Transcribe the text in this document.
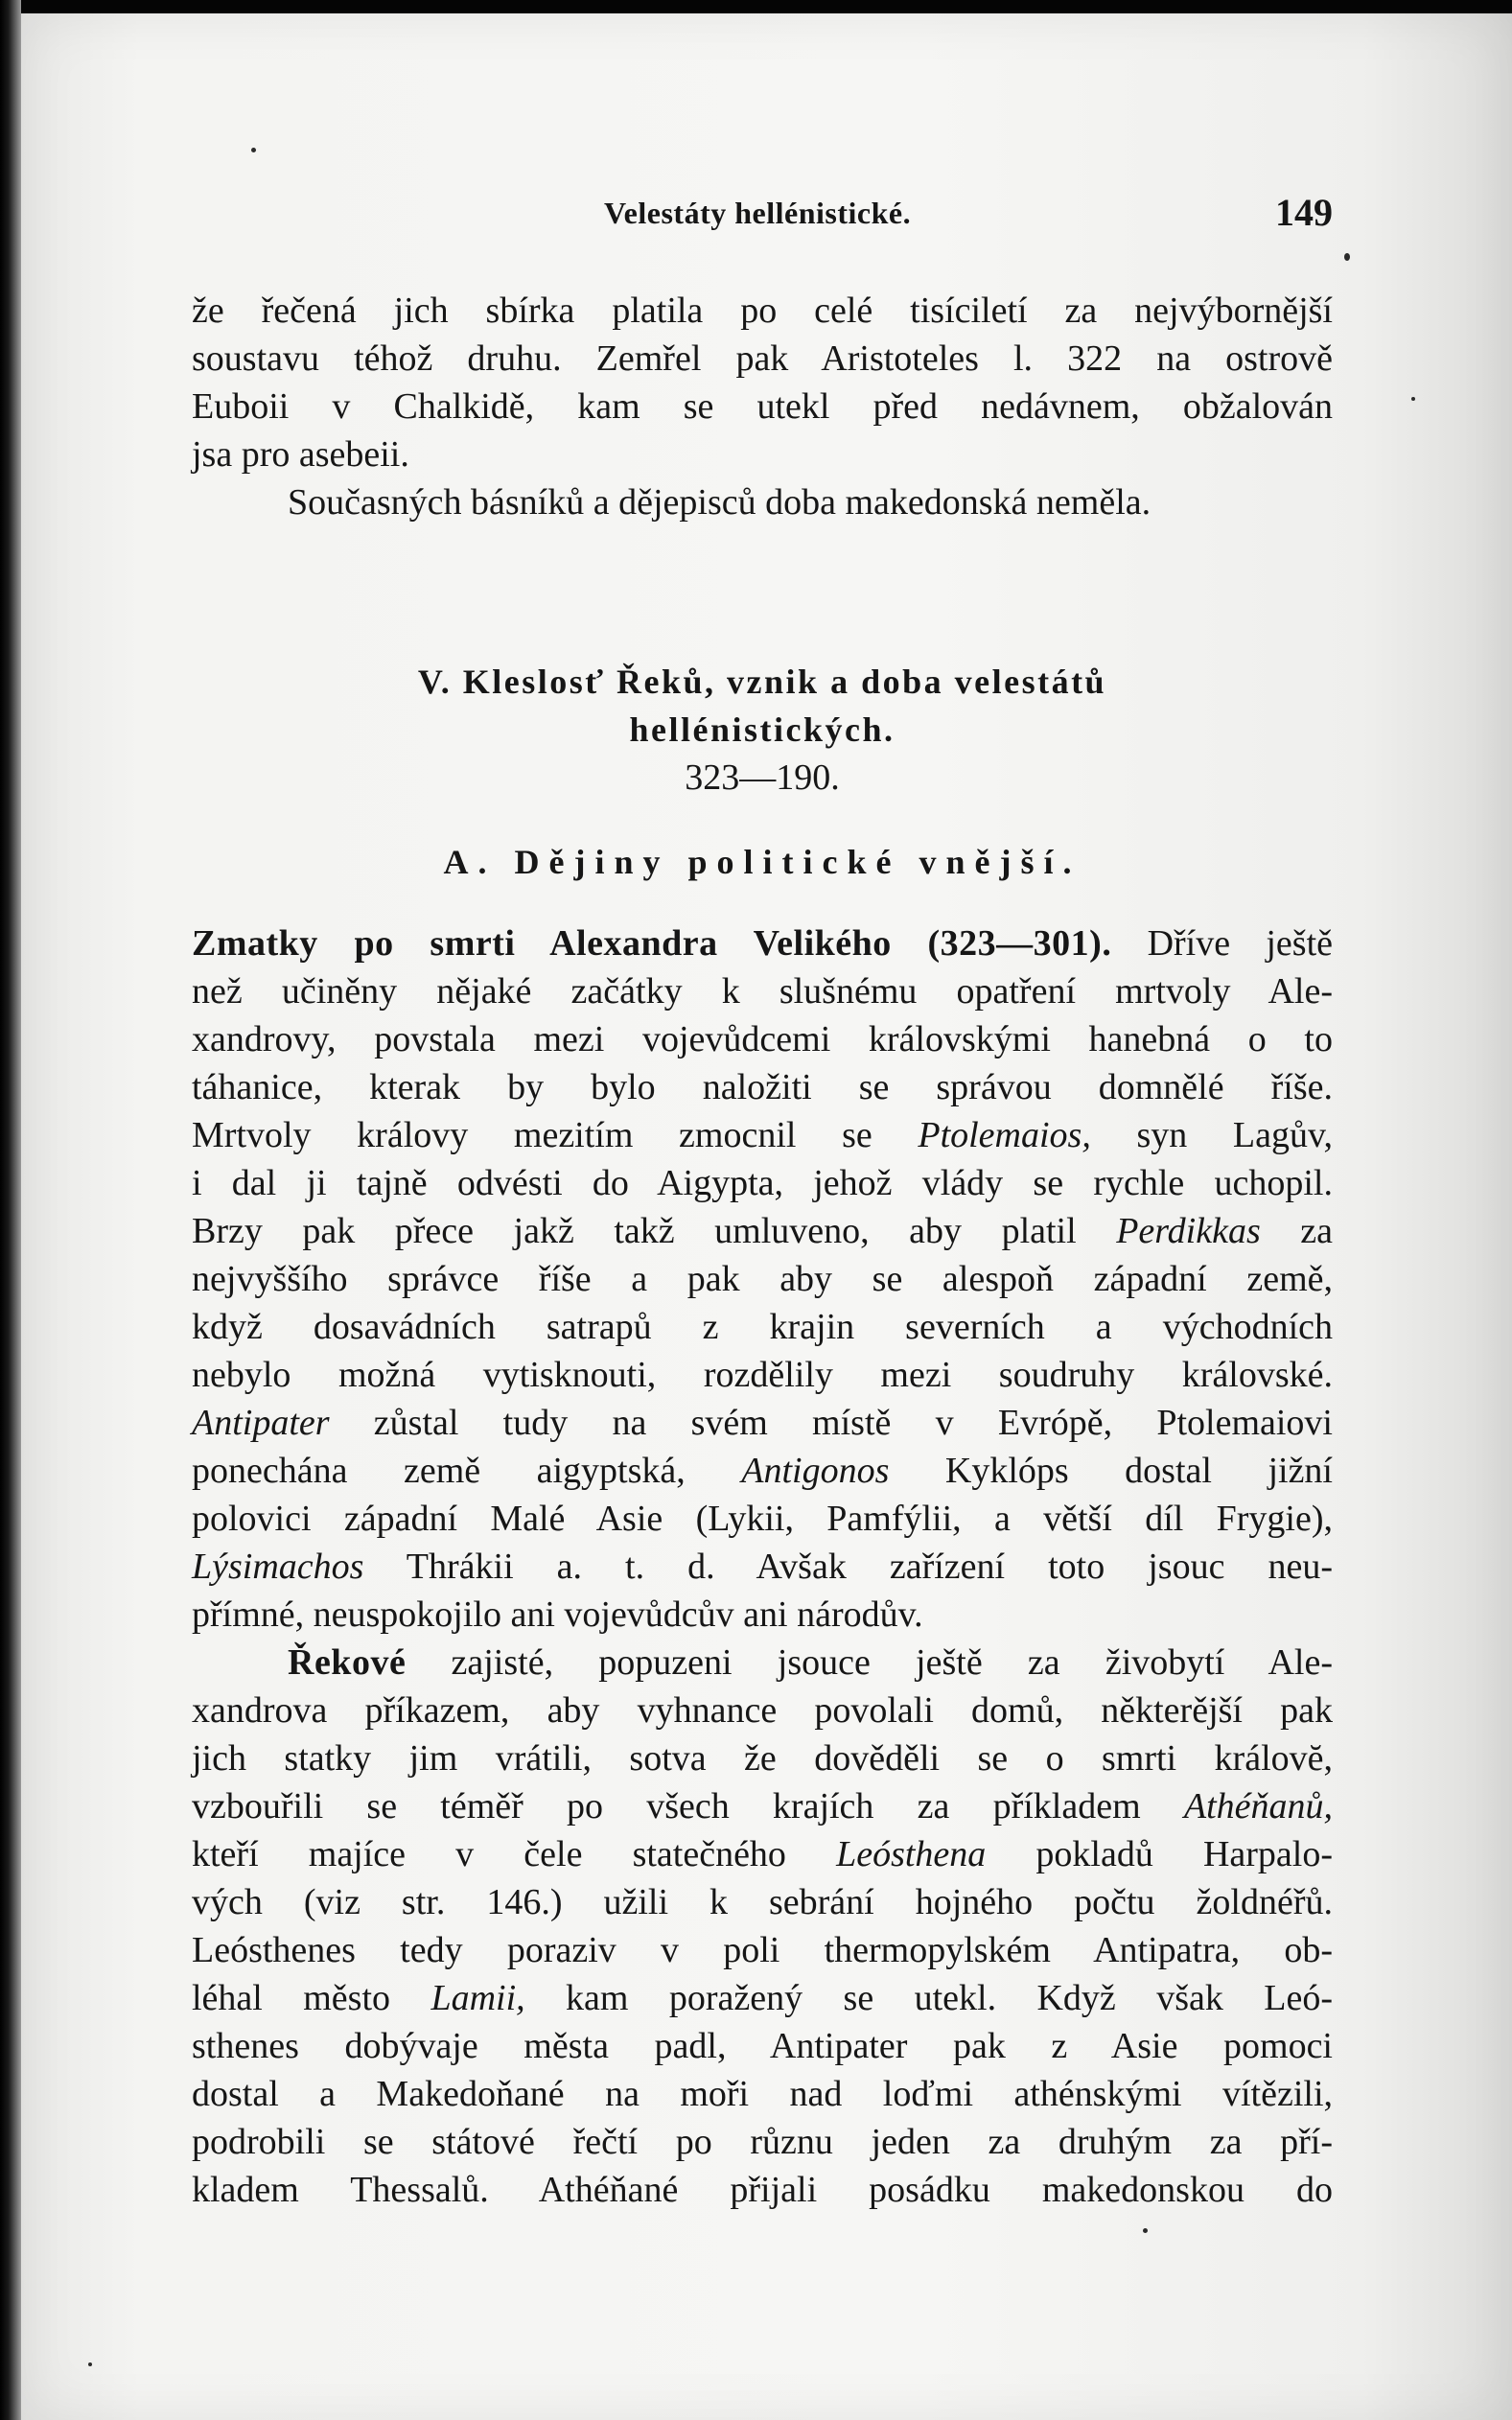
Velestáty hellénistické.	149
že řečená jich sbírka platila po celé tisíciletí za nejvýbornější
soustavu téhož druhu. Zemřel pak Aristoteles l. 322 na ostrově
Euboii v Chalkidě, kam se utekl před nedávnem, obžalován
jsa pro asebeii.
Současných básníků a dějepisců doba makedonská neměla.
V. Kleslosť Řeků, vznik a doba velestátů
hellénistických.
323—190.
A. Dějiny politické vnější.
Zmatky po smrti Alexandra Velikého (323—301). Dříve ještě
než učiněny nějaké začátky k slušnému opatření mrtvoly Ale-
xandrovy, povstala mezi vojevůdcemi královskými hanebná o to
táhanice, kterak by bylo naložiti se správou domnělé říše.
Mrtvoly královy mezitím zmocnil se Ptolemaios, syn Lagův,
i dal ji tajně odvésti do Aigypta, jehož vlády se rychle uchopil.
Brzy pak přece jakž takž umluveno, aby platil Perdikkas za
nejvyššího správce říše a pak aby se alespoň západní země,
když dosavádních satrapů z krajin severních a východních
nebylo možná vytisknouti, rozdělily mezi soudruhy královské.
Antipater zůstal tudy na svém místě v Evrópě, Ptolemaiovi
ponechána země aigyptská, Antigonos Kyklóps dostal jižní
polovici západní Malé Asie (Lykii, Pamfýlii, a větší díl Frygie),
Lýsimachos Thrákii a. t. d. Avšak zařízení toto jsouc neu-
přímné, neuspokojilo ani vojevůdcův ani národův.
Řekové zajisté, popuzeni jsouce ještě za živobytí Ale-
xandrova příkazem, aby vyhnance povolali domů, některější pak
jich statky jim vrátili, sotva že dověděli se o smrti královĕ,
vzbouřili se téměř po všech krajích za příkladem Athéňanů,
kteří majíce v čele statečného Leósthena pokladů Harpalo-
vých (viz str. 146.) užili k sebrání hojného počtu žoldnéřů.
Leósthenes tedy poraziv v poli thermopylském Antipatra, ob-
léhal město Lamii, kam poražený se utekl. Když však Leó-
sthenes dobývaje města padl, Antipater pak z Asie pomoci
dostal a Makedoňané na moři nad loďmi athénskými vítězili,
podrobili se státové řečtí po různu jeden za druhým za pří-
kladem Thessalů. Athéňané přijali posádku makedonskou do
